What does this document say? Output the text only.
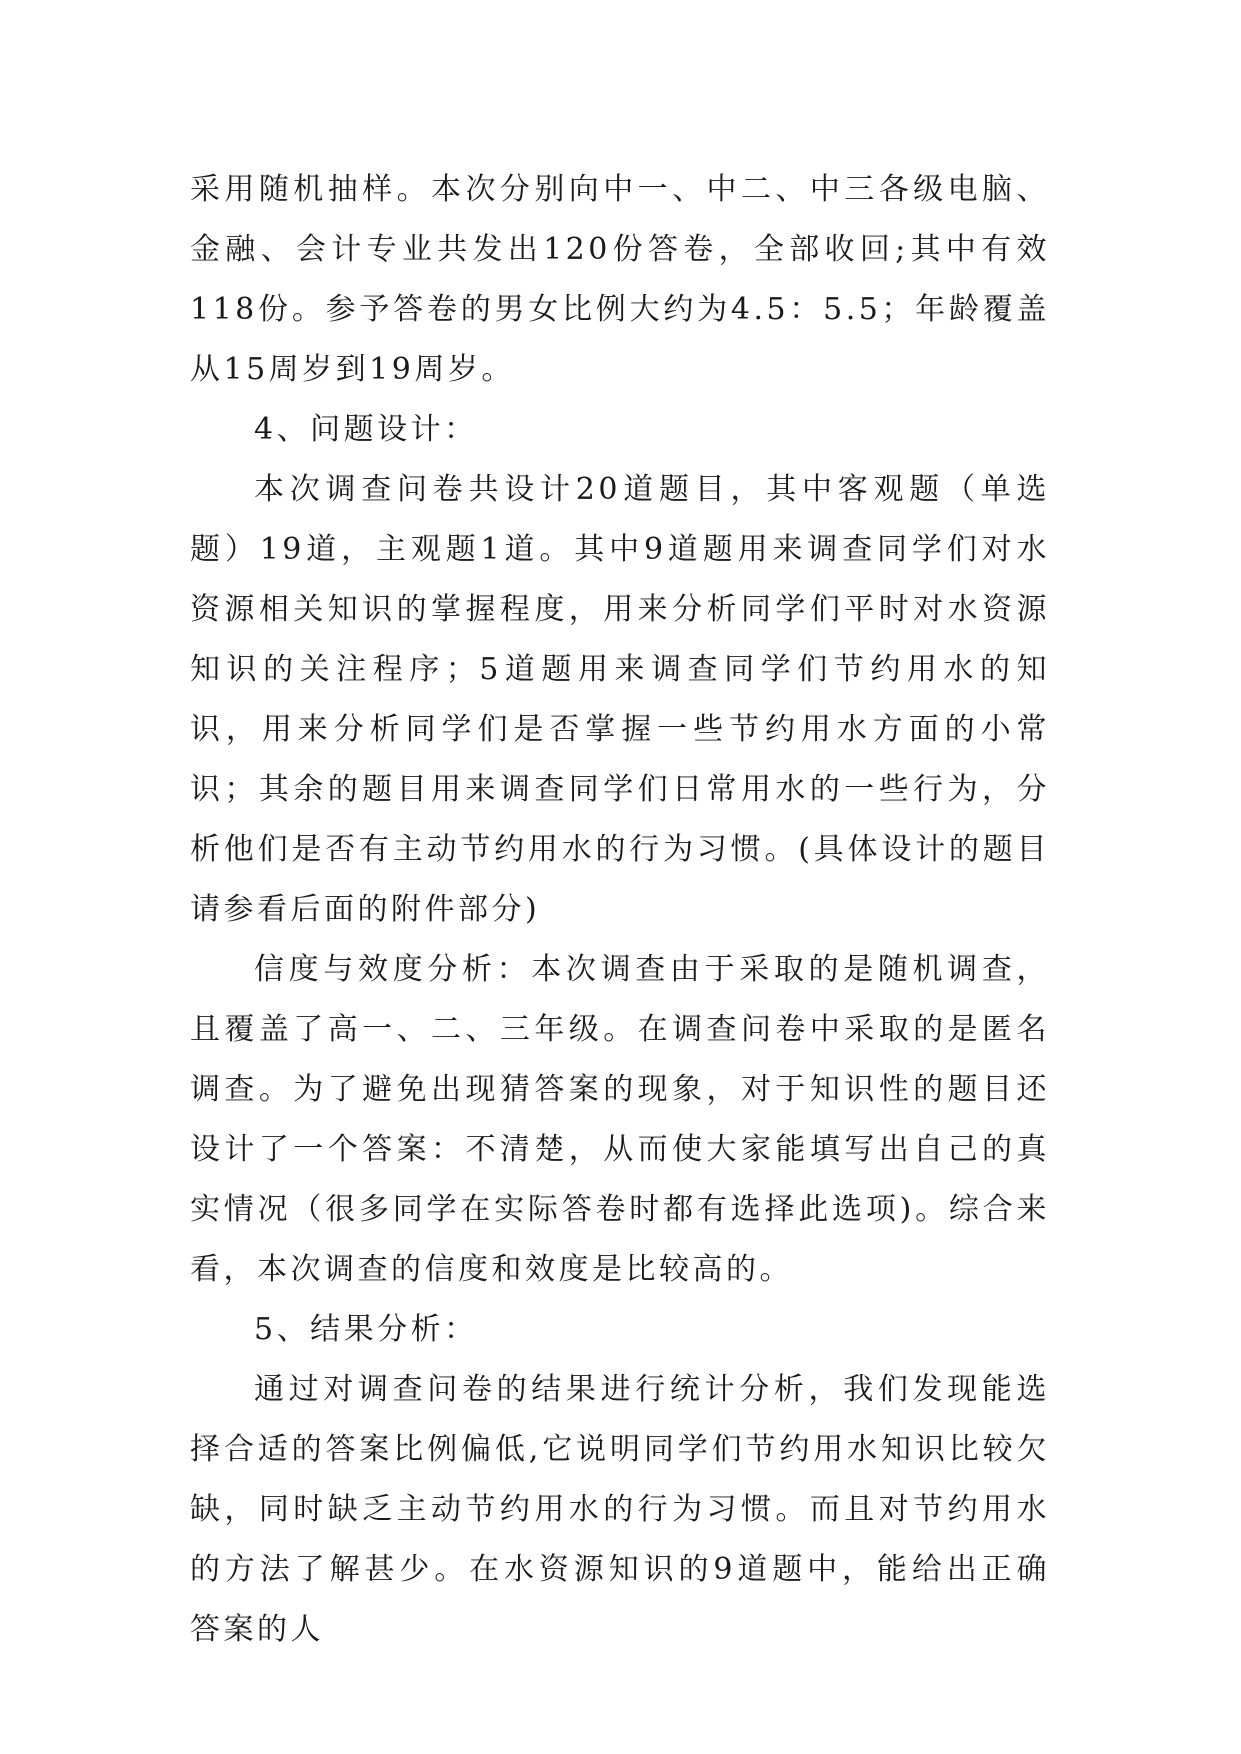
采用随机抽样。本次分别向中一、中二、中三各级电脑、金融、会计专业共发出120份答卷，全部收回;其中有效118份。参予答卷的男女比例大约为4.5：5.5；年龄覆盖从15周岁到19周岁。

4、问题设计：

本次调查问卷共设计20道题目，其中客观题（单选题）19道，主观题1道。其中9道题用来调查同学们对水资源相关知识的掌握程度，用来分析同学们平时对水资源知识的关注程序；5道题用来调查同学们节约用水的知识，用来分析同学们是否掌握一些节约用水方面的小常识；其余的题目用来调查同学们日常用水的一些行为，分析他们是否有主动节约用水的行为习惯。(具体设计的题目请参看后面的附件部分)

信度与效度分析：本次调查由于采取的是随机调查，且覆盖了高一、二、三年级。在调查问卷中采取的是匿名调查。为了避免出现猜答案的现象，对于知识性的题目还设计了一个答案：不清楚，从而使大家能填写出自己的真实情况（很多同学在实际答卷时都有选择此选项)。综合来看，本次调查的信度和效度是比较高的。

5、结果分析：

通过对调查问卷的结果进行统计分析，我们发现能选择合适的答案比例偏低,它说明同学们节约用水知识比较欠缺，同时缺乏主动节约用水的行为习惯。而且对节约用水的方法了解甚少。在水资源知识的9道题中，能给出正确答案的人
